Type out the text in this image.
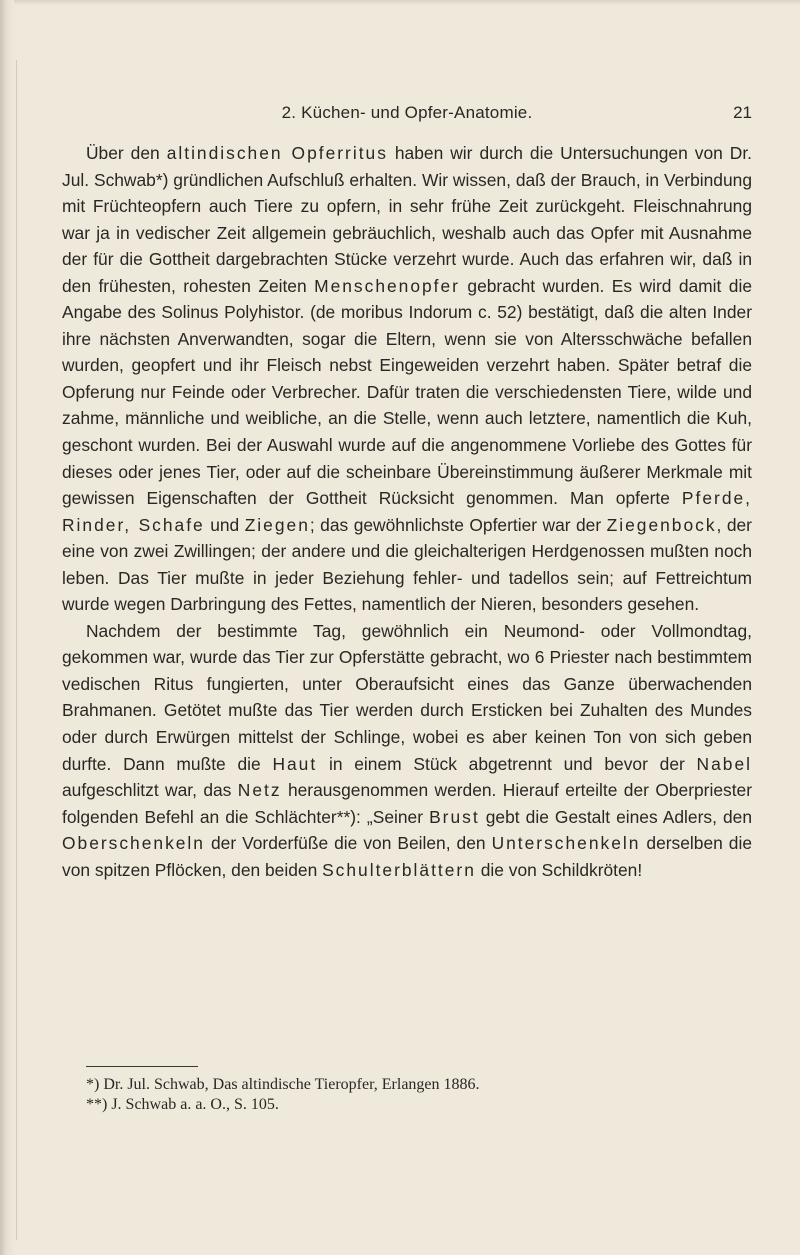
2. Küchen- und Opfer-Anatomie.	21

Über den altindischen Opferritus haben wir durch die Untersuchungen von Dr. Jul. Schwab*) gründlichen Aufschluß erhalten. Wir wissen, daß der Brauch, in Verbindung mit Früchteopfern auch Tiere zu opfern, in sehr frühe Zeit zurückgeht. Fleischnahrung war ja in vedischer Zeit allgemein gebräuchlich, weshalb auch das Opfer mit Ausnahme der für die Gottheit dargebrachten Stücke verzehrt wurde. Auch das erfahren wir, daß in den frühesten, rohesten Zeiten Menschenopfer gebracht wurden. Es wird damit die Angabe des Solinus Polyhistor. (de moribus Indorum c. 52) bestätigt, daß die alten Inder ihre nächsten Anverwandten, sogar die Eltern, wenn sie von Altersschwäche befallen wurden, geopfert und ihr Fleisch nebst Eingeweiden verzehrt haben. Später betraf die Opferung nur Feinde oder Verbrecher. Dafür traten die verschiedensten Tiere, wilde und zahme, männliche und weibliche, an die Stelle, wenn auch letztere, namentlich die Kuh, geschont wurden. Bei der Auswahl wurde auf die angenommene Vorliebe des Gottes für dieses oder jenes Tier, oder auf die scheinbare Übereinstimmung äußerer Merkmale mit gewissen Eigenschaften der Gottheit Rücksicht genommen. Man opferte Pferde, Rinder, Schafe und Ziegen; das gewöhnlichste Opfertier war der Ziegenbock, der eine von zwei Zwillingen; der andere und die gleichalterigen Herdgenossen mußten noch leben. Das Tier mußte in jeder Beziehung fehler- und tadellos sein; auf Fettreichtum wurde wegen Darbringung des Fettes, namentlich der Nieren, besonders gesehen.

Nachdem der bestimmte Tag, gewöhnlich ein Neumond- oder Vollmondtag, gekommen war, wurde das Tier zur Opferstätte gebracht, wo 6 Priester nach bestimmtem vedischen Ritus fungierten, unter Oberaufsicht eines das Ganze überwachenden Brahmanen. Getötet mußte das Tier werden durch Ersticken bei Zuhalten des Mundes oder durch Erwürgen mittelst der Schlinge, wobei es aber keinen Ton von sich geben durfte. Dann mußte die Haut in einem Stück abgetrennt und bevor der Nabel aufgeschlitzt war, das Netz herausgenommen werden. Hierauf erteilte der Oberpriester folgenden Befehl an die Schlächter**): „Seiner Brust gebt die Gestalt eines Adlers, den Oberschenkeln der Vorderfüße die von Beilen, den Unterschenkeln derselben die von spitzen Pflöcken, den beiden Schulterblättern die von Schildkröten!

*) Dr. Jul. Schwab, Das altindische Tieropfer, Erlangen 1886.
**) J. Schwab a. a. O., S. 105.
